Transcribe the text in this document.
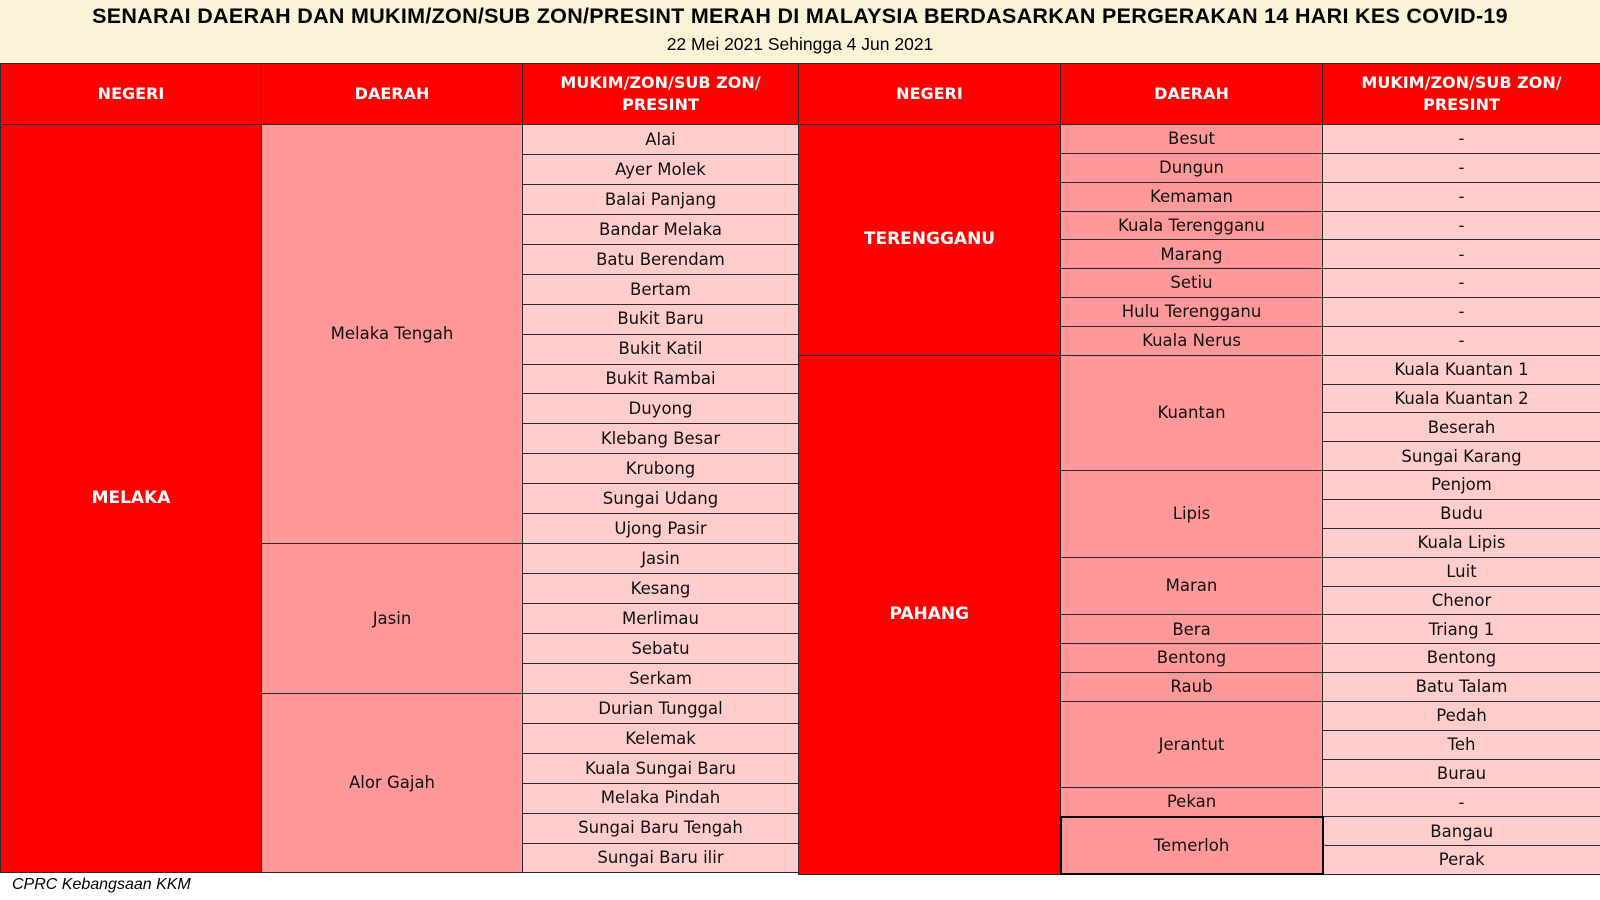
SENARAI DAERAH DAN MUKIM/ZON/SUB ZON/PRESINT MERAH DI MALAYSIA BERDASARKAN PERGERAKAN 14 HARI KES COVID-19
22 Mei 2021 Sehingga 4 Jun 2021
NEGERI	DAERAH	MUKIM/ZON/SUB ZON/ PRESINT
MELAKA	Melaka Tengah	Alai
		Ayer Molek
		Balai Panjang
		Bandar Melaka
		Batu Berendam
		Bertam
		Bukit Baru
		Bukit Katil
		Bukit Rambai
		Duyong
		Klebang Besar
		Krubong
		Sungai Udang
		Ujong Pasir
	Jasin	Jasin
		Kesang
		Merlimau
		Sebatu
		Serkam
	Alor Gajah	Durian Tunggal
		Kelemak
		Kuala Sungai Baru
		Melaka Pindah
		Sungai Baru Tengah
		Sungai Baru ilir
NEGERI	DAERAH	MUKIM/ZON/SUB ZON/ PRESINT
TERENGGANU	Besut	-
	Dungun	-
	Kemaman	-
	Kuala Terengganu	-
	Marang	-
	Setiu	-
	Hulu Terengganu	-
	Kuala Nerus	-
PAHANG	Kuantan	Kuala Kuantan 1
		Kuala Kuantan 2
		Beserah
		Sungai Karang
	Lipis	Penjom
		Budu
		Kuala Lipis
	Maran	Luit
		Chenor
	Bera	Triang 1
	Bentong	Bentong
	Raub	Batu Talam
	Jerantut	Pedah
		Teh
		Burau
	Pekan	-
	Temerloh	Bangau
		Perak
CPRC Kebangsaan KKM
